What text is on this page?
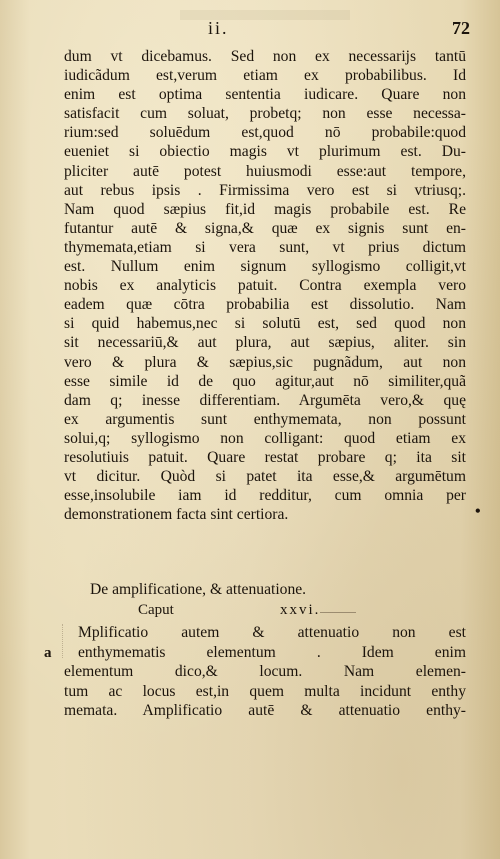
ii.	72
dum vt dicebamus. Sed non ex necessarijs tantū
iudicãdum est,verum etiam ex probabilibus. Id
enim est optima sententia iudicare. Quare non
satisfacit cum soluat, probetq; non esse necessa-
rium:sed soluēdum est,quod nō probabile:quod
eueniet si obiectio magis vt plurimum est. Du-
pliciter autē potest huiusmodi esse:aut tempore,
aut rebus ipsis . Firmissima vero est si vtriusq;.
Nam quod sæpius fit,id magis probabile est. Re
futantur autē & signa,& quæ ex signis sunt en-
thymemata,etiam si vera sunt, vt prius dictum
est. Nullum enim signum syllogismo colligit,vt
nobis ex analyticis patuit. Contra exempla vero
eadem quæ cōtra probabilia est dissolutio. Nam
si quid habemus,nec si solutū est, sed quod non
sit necessariū,& aut plura, aut sæpius, aliter. sin
vero & plura & sæpius,sic pugnãdum, aut non
esse simile id de quo agitur,aut nō similiter,quã
dam q; inesse differentiam. Argumēta vero,& quę
ex argumentis sunt enthymemata, non possunt
solui,q; syllogismo non colligant: quod etiam ex
resolutiuis patuit. Quare restat probare q; ita sit
vt dicitur. Quòd si patet ita esse,& argumētum
esse,insolubile iam id redditur, cum omnia per
demonstrationem facta sint certiora.	•
De amplificatione, & attenuatione.
Caput	xxvi.
a
Mplificatio autem & attenuatio non est
enthymematis elementum . Idem enim
elementum dico,& locum. Nam elemen-
tum ac locus est,in quem multa incidunt enthy
memata. Amplificatio autē & attenuatio enthy-
